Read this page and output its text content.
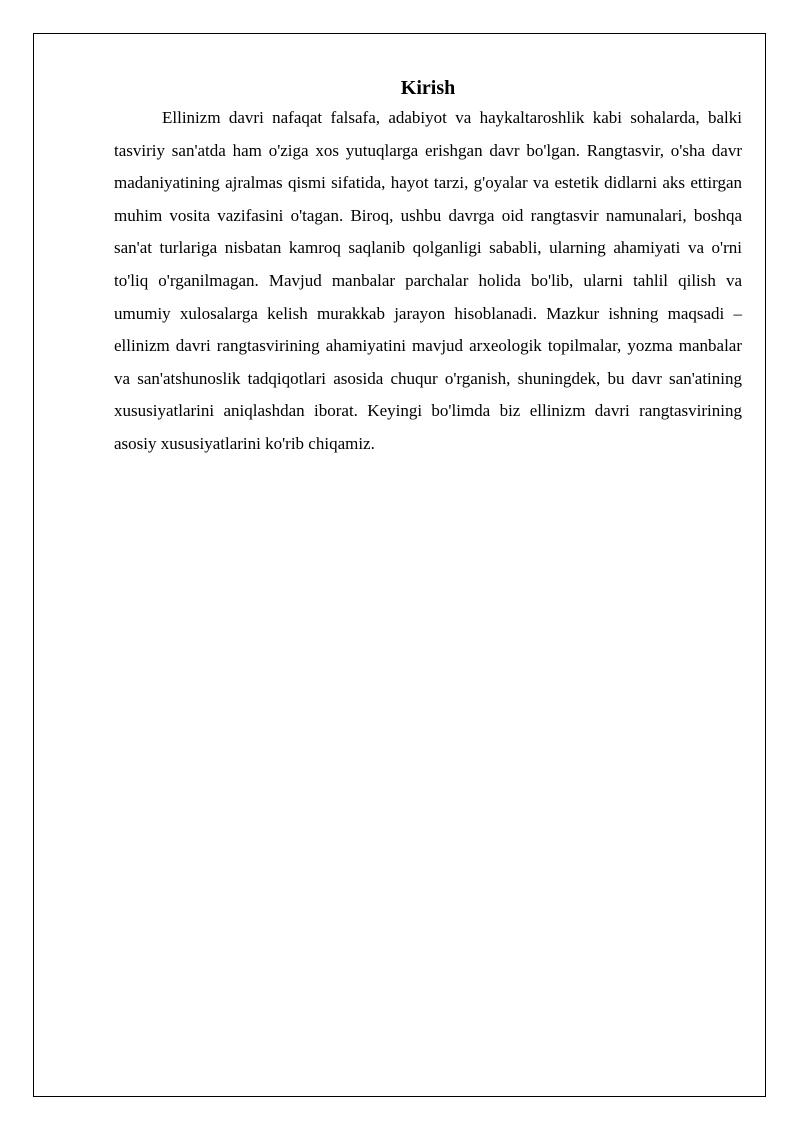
Kirish

Ellinizm davri nafaqat falsafa, adabiyot va haykaltaroshlik kabi sohalarda, balki tasviriy san'atda ham o'ziga xos yutuqlarga erishgan davr bo'lgan. Rangtasvir, o'sha davr madaniyatining ajralmas qismi sifatida, hayot tarzi, g'oyalar va estetik didlarni aks ettirgan muhim vosita vazifasini o'tagan. Biroq, ushbu davrga oid rangtasvir namunalari, boshqa san'at turlariga nisbatan kamroq saqlanib qolganligi sababli, ularning ahamiyati va o'rni to'liq o'rganilmagan. Mavjud manbalar parchalar holida bo'lib, ularni tahlil qilish va umumiy xulosalarga kelish murakkab jarayon hisoblanadi. Mazkur ishning maqsadi – ellinizm davri rangtasvirining ahamiyatini mavjud arxeologik topilmalar, yozma manbalar va san'atshunoslik tadqiqotlari asosida chuqur o'rganish, shuningdek, bu davr san'atining xususiyatlarini aniqlashdan iborat. Keyingi bo'limda biz ellinizm davri rangtasvirining asosiy xususiyatlarini ko'rib chiqamiz.
